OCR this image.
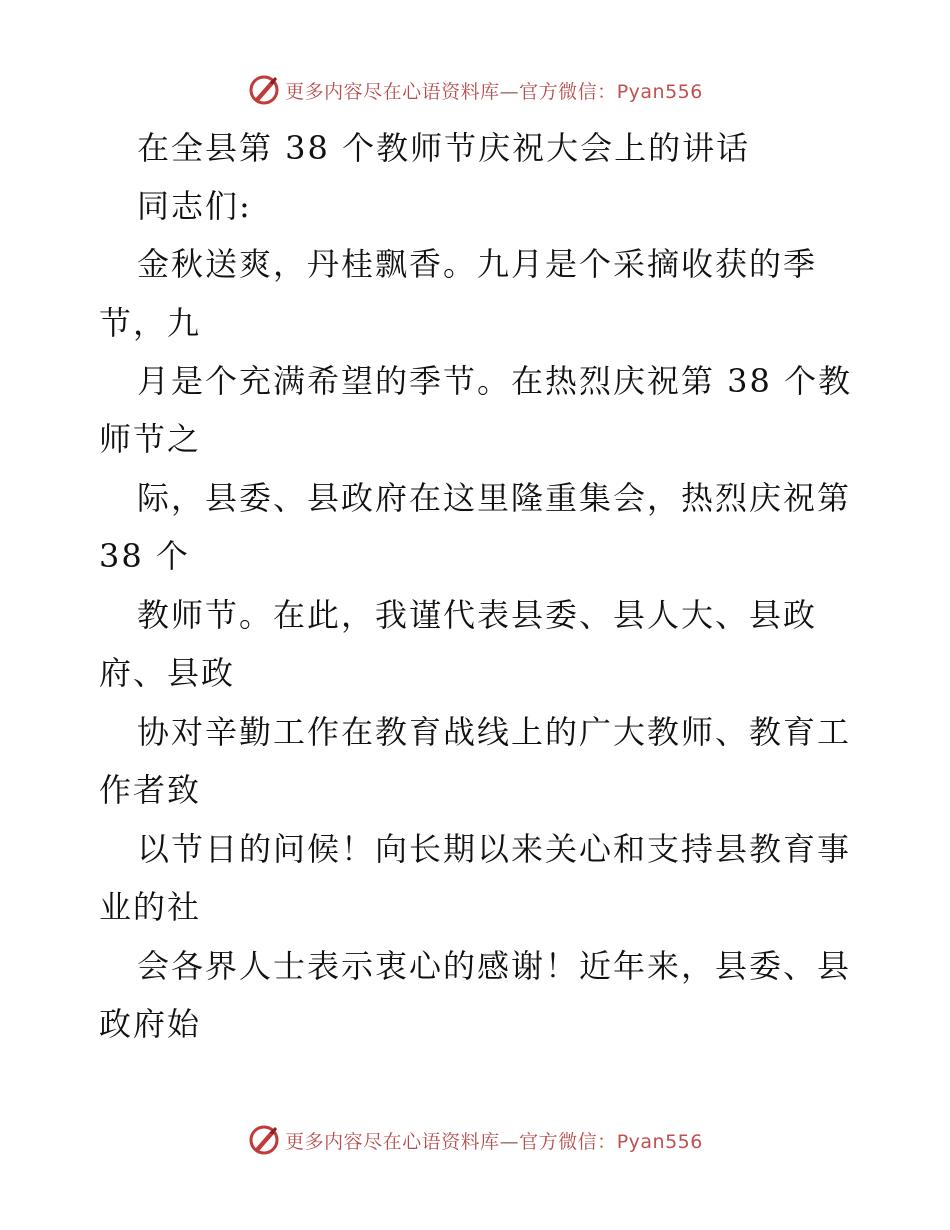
更多内容尽在心语资料库—官方微信：Pyan556
在全县第 38 个教师节庆祝大会上的讲话
同志们:
金秋送爽，丹桂飘香。九月是个采摘收获的季
节，九
月是个充满希望的季节。在热烈庆祝第 38 个教
师节之
际，县委、县政府在这里隆重集会，热烈庆祝第
38 个
教师节。在此，我谨代表县委、县人大、县政
府、县政
协对辛勤工作在教育战线上的广大教师、教育工
作者致
以节日的问候！向长期以来关心和支持县教育事
业的社
会各界人士表示衷心的感谢！近年来，县委、县
政府始
更多内容尽在心语资料库—官方微信：Pyan556
